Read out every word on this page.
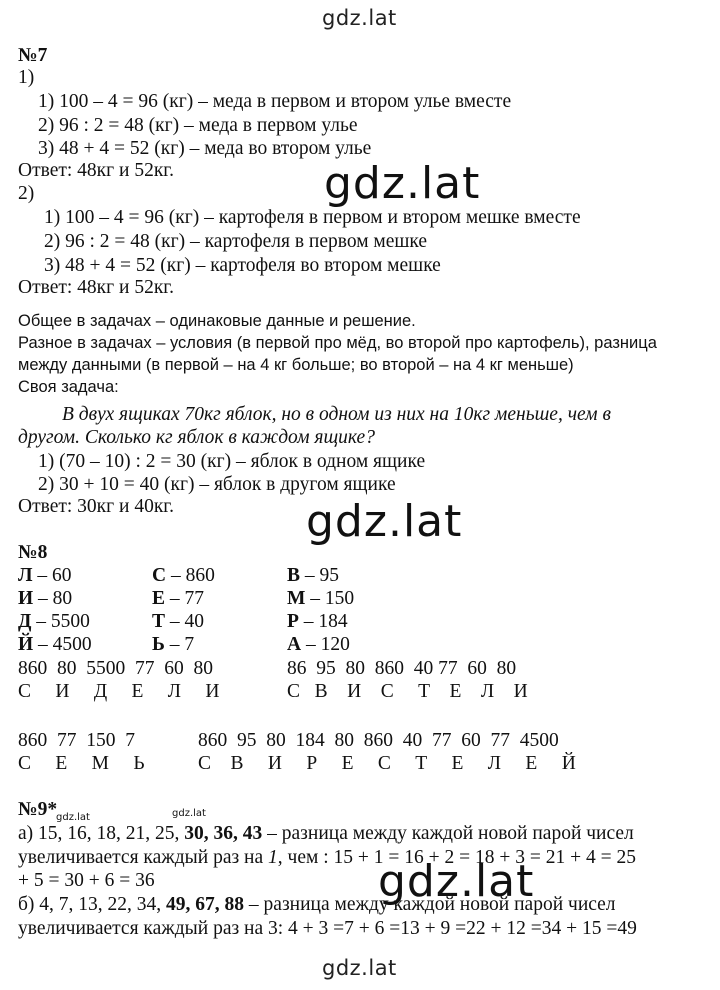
gdz.lat
gdz.lat
gdz.lat
gdz.lat
gdz.lat
№7
1)
1) 100 – 4 = 96 (кг) – меда в первом и втором улье вместе
2) 96 : 2 = 48 (кг) – меда в первом улье
3) 48 + 4 = 52 (кг) – меда во втором улье
Ответ: 48кг и 52кг.
2)
1) 100 – 4 = 96 (кг) – картофеля в первом и втором мешке вместе
2) 96 : 2 = 48 (кг) – картофеля в первом мешке
3) 48 + 4 = 52 (кг) – картофеля во втором мешке
Ответ: 48кг и 52кг.
Общее в задачах – одинаковые данные и решение.
Разное в задачах – условия (в первой про мёд, во второй про картофель), разница
между данными (в первой – на 4 кг больше; во второй – на 4 кг меньше)
Своя задача:
В двух ящиках 70кг яблок, но в одном из них на 10кг меньше, чем в
другом. Сколько кг яблок в каждом ящике?
1) (70 – 10) : 2 = 30 (кг) – яблок в одном ящике
2) 30 + 10 = 40 (кг) – яблок в другом ящике
Ответ: 30кг и 40кг.
№8
Л – 60
И – 80
Д – 5500
Й – 4500
С – 860
Е – 77
Т – 40
Ь – 7
В – 95
М – 150
Р – 184
А – 120
860  80  5500  77  60  80
С     И     Д     Е     Л     И
86  95  80  860  40 77  60  80
С   В    И    С     Т    Е    Л    И
860  77  150  7
С     Е     М     Ь
860  95  80  184  80  860  40  77  60  77  4500
С    В     И     Р     Е     С     Т     Е     Л     Е     Й
№9*
gdz.lat	gdz.lat
а) 15, 16, 18, 21, 25, 30, 36, 43 – разница между каждой новой парой чисел
увеличивается каждый раз на 1, чем : 15 + 1 = 16 + 2 = 18 + 3 = 21 + 4 = 25
+ 5 = 30 + 6 = 36
б) 4, 7, 13, 22, 34, 49, 67, 88 – разница между каждой новой парой чисел
увеличивается каждый раз на 3: 4 + 3 =7 + 6 =13 + 9 =22 + 12 =34 + 15 =49
